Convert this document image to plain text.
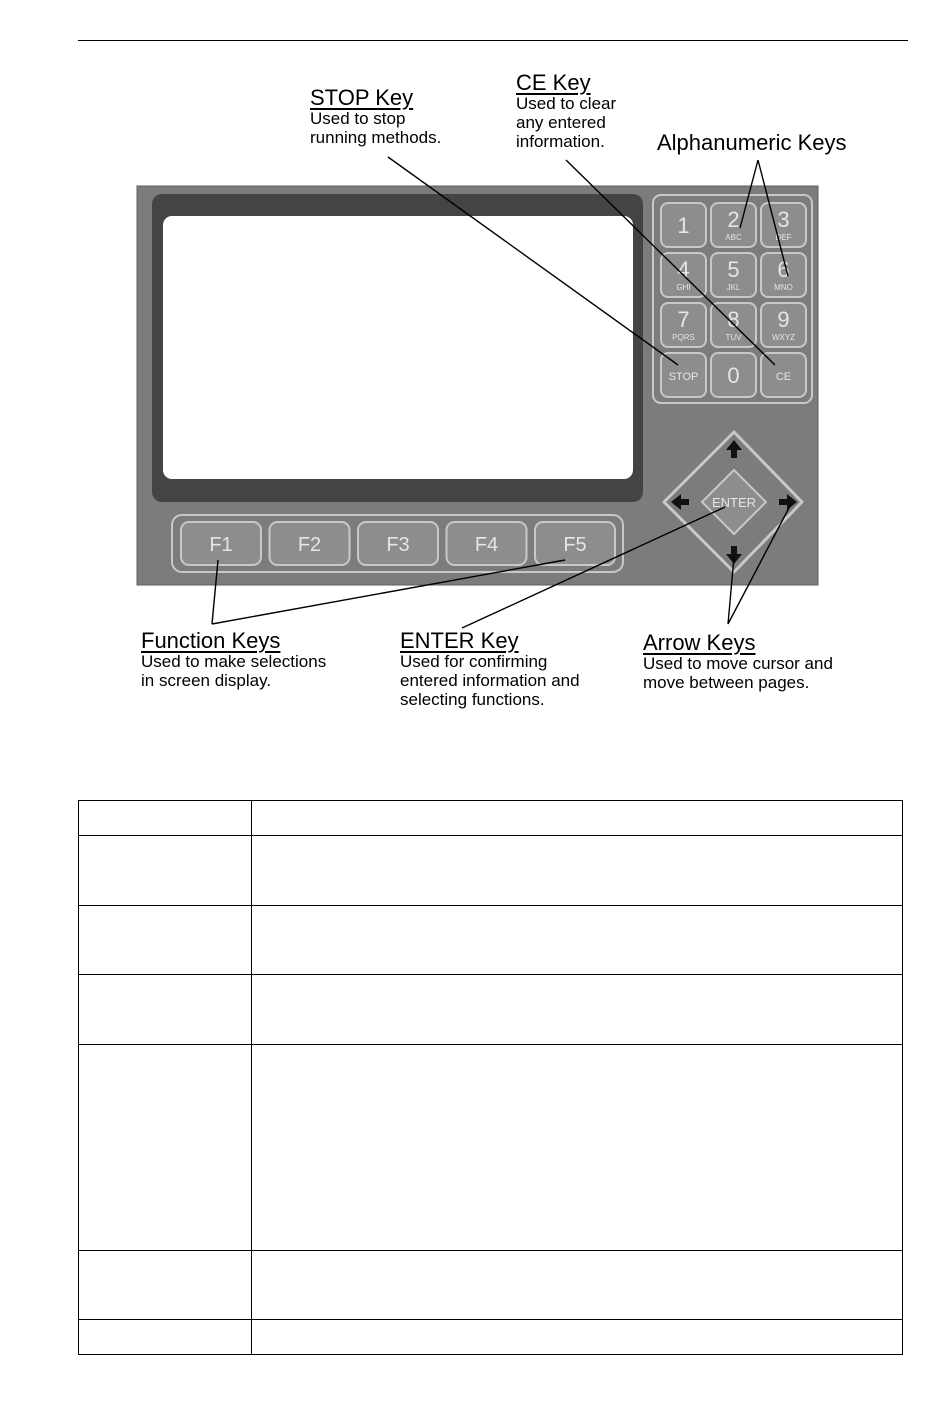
1 2
ABC
3
DEF
4
GHI
5
JKL
6
MNO
7
PQRS
8
TUV
9
WXYZ
STOP 0	CE
F1	F2	F3	F4	F5
ENTER
STOP Key
Used to stop
running methods.
CE Key
Used to clear
any entered
information.	Alphanumeric Keys
Function Keys
Used to make selections
in screen display.
ENTER Key
Used for confirming
entered information and
selecting functions.
Arrow Keys
Used to move cursor and
move between pages.
